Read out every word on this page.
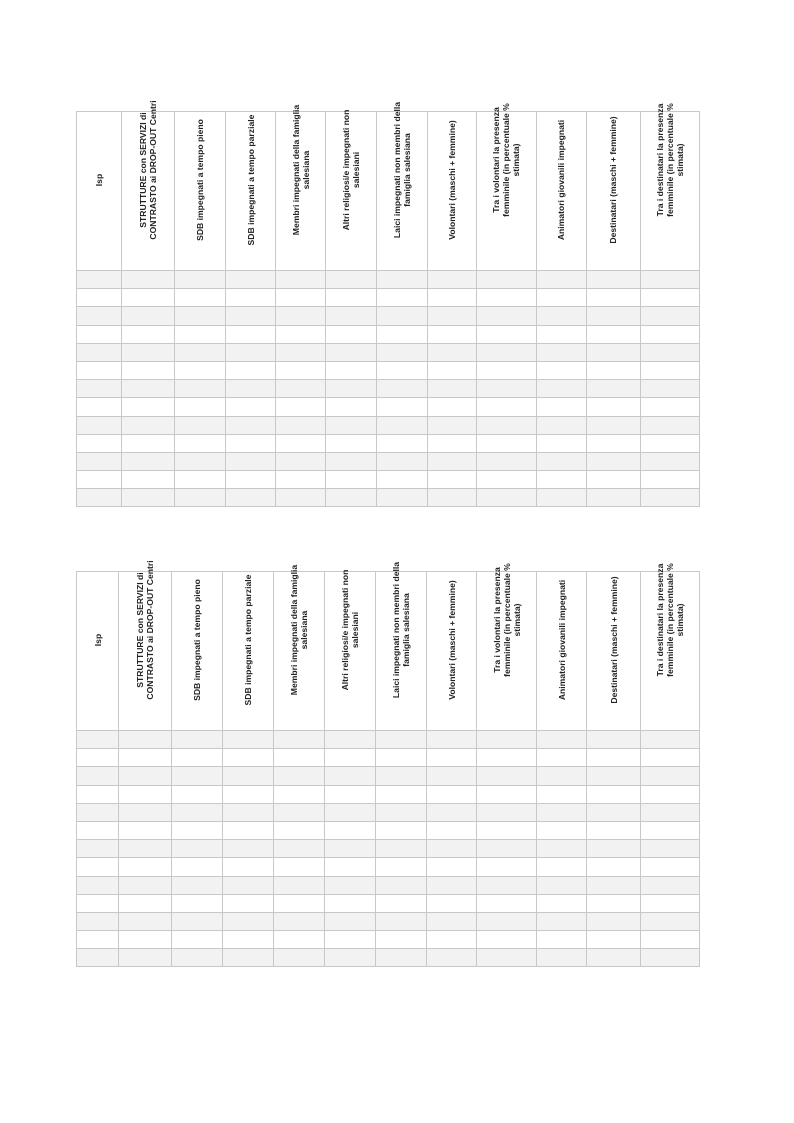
Isp	STRUTTURE con SERVIZI di CONTRASTO ai DROP-OUT Centri	SDB impegnati a tempo pieno	SDB impegnati a tempo parziale	Membri impegnati della famiglia salesiana	Altri religiosi/e impegnati non salesiani	Laici impegnati non membri della famiglia salesiana	Volontari (maschi + femmine)	Tra i volontari la presenza femminile (in percentuale % stimata)	Animatori giovanili impegnati	Destinatari (maschi + femmine)	Tra i destinatari la presenza femminile (in percentuale % stimata)

Isp	STRUTTURE con SERVIZI di CONTRASTO ai DROP-OUT Centri	SDB impegnati a tempo pieno	SDB impegnati a tempo parziale	Membri impegnati della famiglia salesiana	Altri religiosi/e impegnati non salesiani	Laici impegnati non membri della famiglia salesiana	Volontari (maschi + femmine)	Tra i volontari la presenza femminile (in percentuale % stimata)	Animatori giovanili impegnati	Destinatari (maschi + femmine)	Tra i destinatari la presenza femminile (in percentuale % stimata)
